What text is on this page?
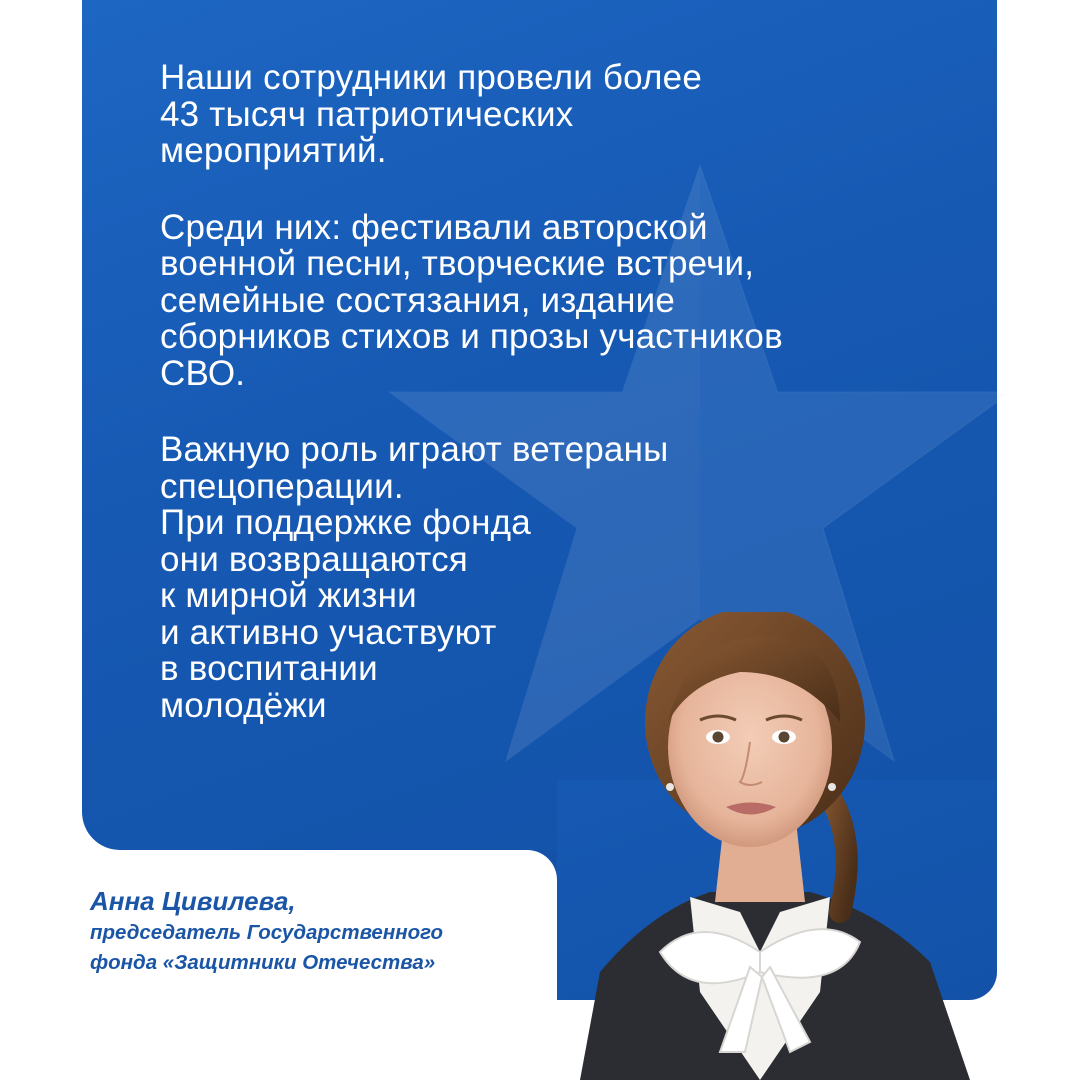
Наши сотрудники провели более
43 тысяч патриотических
мероприятий.

Среди них: фестивали авторской
военной песни, творческие встречи,
семейные состязания, издание
сборников стихов и прозы участников
СВО.

Важную роль играют ветераны
спецоперации.
При поддержке фонда
они возвращаются
к мирной жизни
и активно участвуют
в воспитании
молодёжи

Анна Цивилева,
председатель Государственного
фонда «Защитники Отечества»
